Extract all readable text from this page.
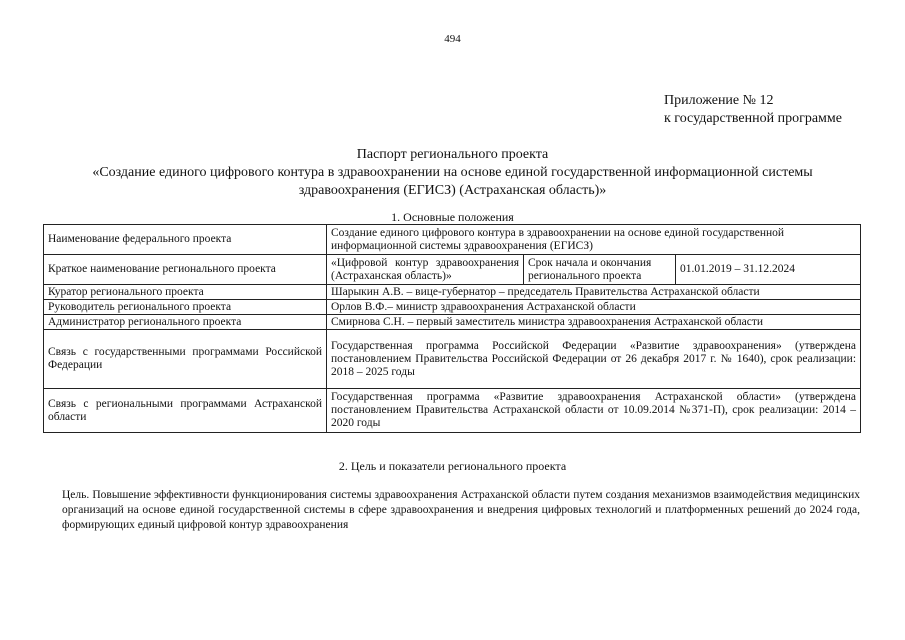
494
Приложение № 12
к государственной программе
Паспорт регионального проекта
«Создание единого цифрового контура в здравоохранении на основе единой государственной информационной системы
здравоохранения (ЕГИСЗ) (Астраханская область)»
1. Основные положения
Наименование федерального проекта	Создание единого цифрового контура в здравоохранении на основе единой государственной информационной системы здравоохранения (ЕГИСЗ)		
Краткое наименование регионального проекта	«Цифровой контур здравоохранения (Астраханская область)»	Срок начала и окончания регионального проекта	01.01.2019 – 31.12.2024
Куратор регионального проекта	Шарыкин А.В. – вице-губернатор – председатель Правительства Астраханской области		
Руководитель регионального проекта	Орлов В.Ф.– министр здравоохранения Астраханской области		
Администратор регионального проекта	Смирнова С.Н. – первый заместитель министра здравоохранения Астраханской области		
Связь с государственными программами Российской Федерации	Государственная программа Российской Федерации «Развитие здравоохранения» (утверждена постановлением Правительства Российской Федерации от 26 декабря 2017 г. № 1640), срок реализации: 2018 – 2025 годы		
Связь с региональными программами Астраханской области	Государственная программа «Развитие здравоохранения Астраханской области» (утверждена постановлением Правительства Астраханской области от 10.09.2014 №371-П), срок реализации: 2014 – 2020 годы		
2. Цель и показатели регионального проекта
Цель. Повышение эффективности функционирования системы здравоохранения Астраханской области путем создания механизмов взаимодействия медицинских организаций на основе единой государственной системы в сфере здравоохранения и внедрения цифровых технологий и платформенных решений до 2024 года, формирующих единый цифровой контур здравоохранения
